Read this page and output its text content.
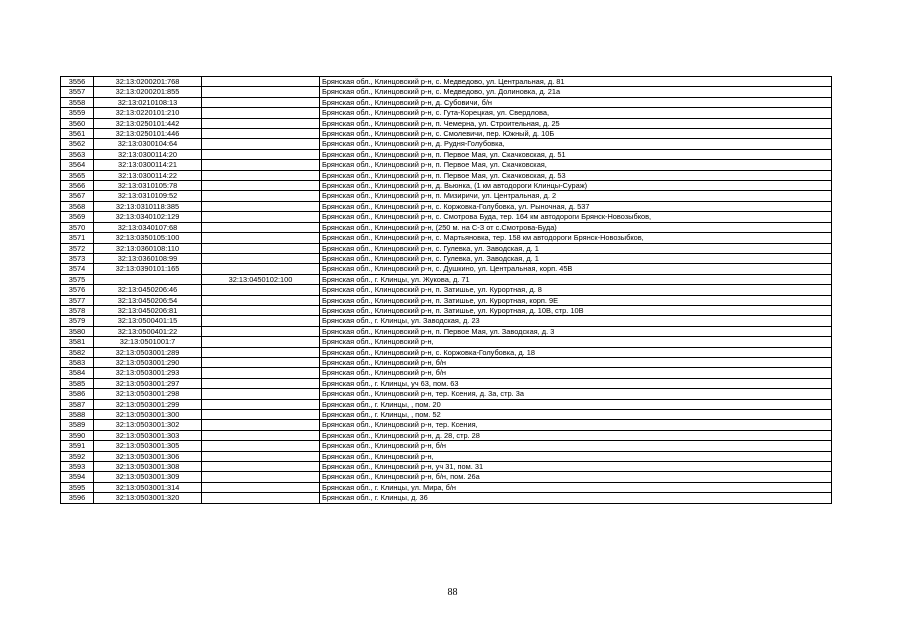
3556	32:13:0200201:768		Брянская обл., Клинцовский р-н, с. Медведово, ул. Центральная, д. 81
3557	32:13:0200201:855		Брянская обл., Клинцовский р-н, с. Медведово, ул. Долиновка, д. 21а
3558	32:13:0210108:13		Брянская обл., Клинцовский р-н, д. Субовичи, б/н
3559	32:13:0220101:210		Брянская обл., Клинцовский р-н, с. Гута-Корецкая, ул. Свердлова,
3560	32:13:0250101:442		Брянская обл., Клинцовский р-н, п. Чемерна, ул. Строительная, д. 25
3561	32:13:0250101:446		Брянская обл., Клинцовский р-н, с. Смолевичи, пер. Южный, д. 10Б
3562	32:13:0300104:64		Брянская обл., Клинцовский р-н, д. Рудня-Голубовка,
3563	32:13:0300114:20		Брянская обл., Клинцовский р-н, п. Первое Мая, ул. Скачковская, д. 51
3564	32:13:0300114:21		Брянская обл., Клинцовский р-н, п. Первое Мая, ул. Скачковская,
3565	32:13:0300114:22		Брянская обл., Клинцовский р-н, п. Первое Мая, ул. Скачковская, д. 53
3566	32:13:0310105:78		Брянская обл., Клинцовский р-н, д. Вьюнка, (1 км автодороги Клинцы-Сураж)
3567	32:13:0310109:52		Брянская обл., Клинцовский р-н, п. Мизиричи, ул. Центральная, д. 2
3568	32:13:0310118:385		Брянская обл., Клинцовский р-н, с. Коржовка-Голубовка, ул. Рыночная, д. 537
3569	32:13:0340102:129		Брянская обл., Клинцовский р-н, с. Смотрова Буда, тер. 164 км автодороги Брянск-Новозыбков,
3570	32:13:0340107:68		Брянская обл., Клинцовский р-н, (250 м. на С-З от с.Смотрова-Буда)
3571	32:13:0350105:100		Брянская обл., Клинцовский р-н, с. Мартьяновка, тер. 158 км автодороги Брянск-Новозыбков,
3572	32:13:0360108:110		Брянская обл., Клинцовский р-н, с. Гулевка, ул. Заводская, д. 1
3573	32:13:0360108:99		Брянская обл., Клинцовский р-н, с. Гулевка, ул. Заводская, д. 1
3574	32:13:0390101:165		Брянская обл., Клинцовский р-н, с. Душкино, ул. Центральная, корп. 45В
3575		32:13:0450102:100	Брянская обл., г. Клинцы, ул. Жукова, д. 71
3576	32:13:0450206:46		Брянская обл., Клинцовский р-н, п. Затишье, ул. Курортная, д. 8
3577	32:13:0450206:54		Брянская обл., Клинцовский р-н, п. Затишье, ул. Курортная, корп. 9Е
3578	32:13:0450206:81		Брянская обл., Клинцовский р-н, п. Затишье, ул. Курортная, д. 10В, стр. 10В
3579	32:13:0500401:15		Брянская обл., г. Клинцы, ул. Заводская, д. 23
3580	32:13:0500401:22		Брянская обл., Клинцовский р-н, п. Первое Мая, ул. Заводская, д. 3
3581	32:13:0501001:7		Брянская обл., Клинцовский р-н,
3582	32:13:0503001:289		Брянская обл., Клинцовский р-н, с. Коржовка-Голубовка, д. 18
3583	32:13:0503001:290		Брянская обл., Клинцовский р-н, б/н
3584	32:13:0503001:293		Брянская обл., Клинцовский р-н, б/н
3585	32:13:0503001:297		Брянская обл., г. Клинцы, уч 63, пом. 63
3586	32:13:0503001:298		Брянская обл., Клинцовский р-н, тер. Ксения, д. 3а, стр. 3а
3587	32:13:0503001:299		Брянская обл., г. Клинцы, , пом. 20
3588	32:13:0503001:300		Брянская обл., г. Клинцы, , пом. 52
3589	32:13:0503001:302		Брянская обл., Клинцовский р-н, тер. Ксения,
3590	32:13:0503001:303		Брянская обл., Клинцовский р-н, д. 28, стр. 28
3591	32:13:0503001:305		Брянская обл., Клинцовский р-н, б/н
3592	32:13:0503001:306		Брянская обл., Клинцовский р-н,
3593	32:13:0503001:308		Брянская обл., Клинцовский р-н, уч 31, пом. 31
3594	32:13:0503001:309		Брянская обл., Клинцовский р-н, б/н, пом. 26а
3595	32:13:0503001:314		Брянская обл., г. Клинцы, ул. Мира, б/н
3596	32:13:0503001:320		Брянская обл., г. Клинцы, д. 36
88
